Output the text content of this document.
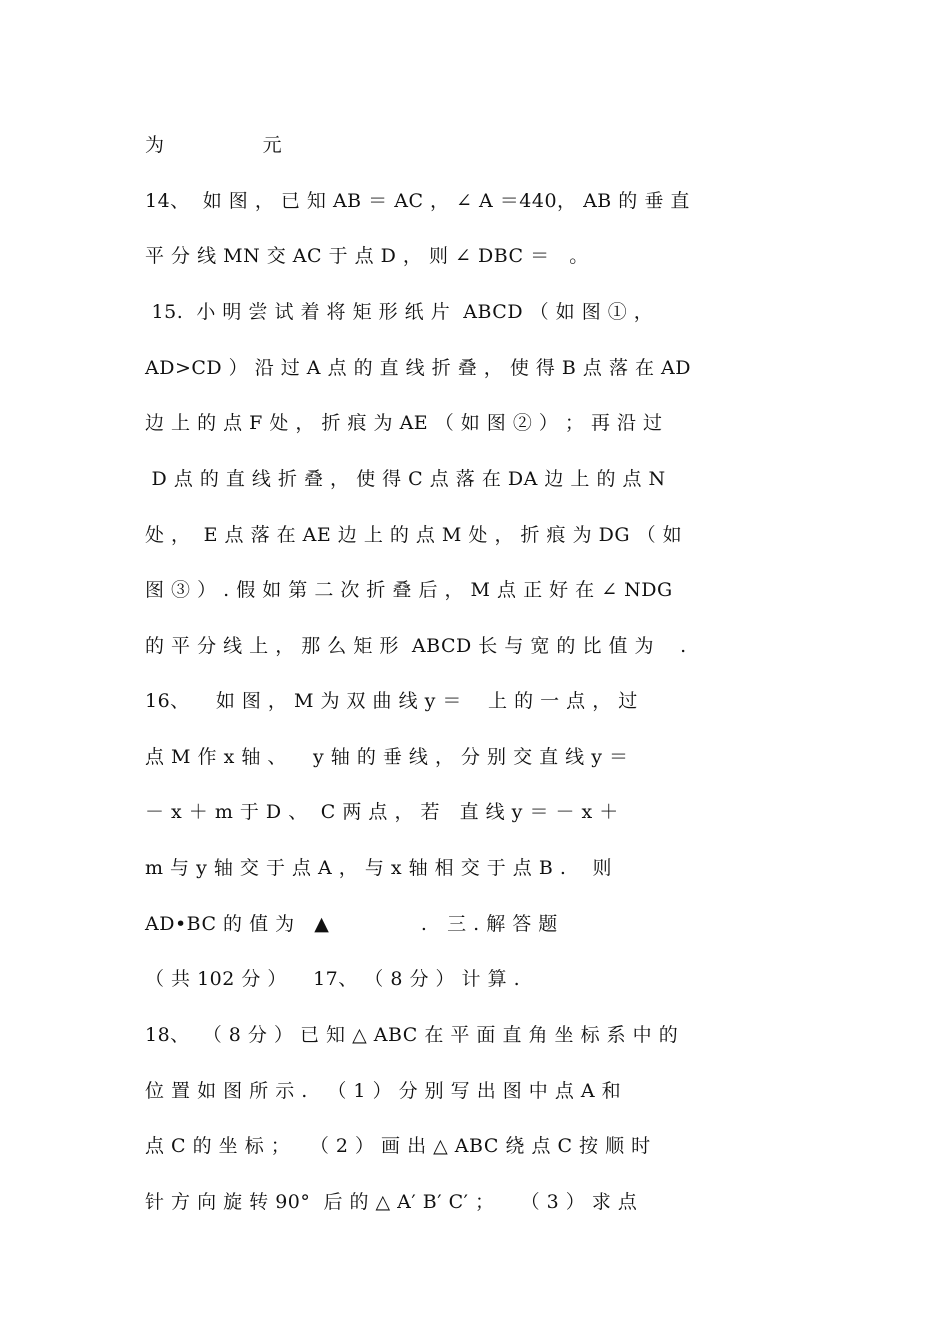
为               元
14、  如 图 ， 已 知 AB ＝ AC ， ∠ A ＝440， AB 的 垂 直
平 分 线 MN 交 AC 于 点 D ， 则 ∠ DBC ＝   。
15.  小 明 尝 试 着 将 矩 形 纸 片  ABCD （ 如 图 ① ，
AD>CD ） 沿 过 A 点 的 直 线 折 叠 ， 使 得 B 点 落 在 AD
边 上 的 点 F 处 ， 折 痕 为 AE （ 如 图 ② ） ； 再 沿 过
D 点 的 直 线 折 叠 ， 使 得 C 点 落 在 DA 边 上 的 点 N
处 ，  E 点 落 在 AE 边 上 的 点 M 处 ， 折 痕 为 DG （ 如
图 ③ ） . 假 如 第 二 次 折 叠 后 ， M 点 正 好 在 ∠ NDG
的 平 分 线 上 ， 那 么 矩 形  ABCD 长 与 宽 的 比 值 为    .
16、    如 图 ， M 为 双 曲 线 y ＝    上 的 一 点 ， 过
点 M 作 x 轴 、    y 轴 的 垂 线 ， 分 别 交 直 线 y ＝
－ x ＋ m 于 D 、  C 两 点 ， 若   直 线 y ＝ － x ＋
m 与 y 轴 交 于 点 A ， 与 x 轴 相 交 于 点 B .    则
AD•BC 的 值 为   ▲              .   三 . 解 答 题
（ 共 102 分 ）    17、 （ 8 分 ） 计 算 .
18、  （ 8 分 ） 已 知 △ ABC 在 平 面 直 角 坐 标 系 中 的
位 置 如 图 所 示 .   （ 1 ） 分 别 写 出 图 中 点 A 和
点 C 的 坐 标 ；   （ 2 ） 画 出 △ ABC 绕 点 C 按 顺 时
针 方 向 旋 转 90°  后 的 △ A′ B′ C′ ；    （ 3 ） 求 点
